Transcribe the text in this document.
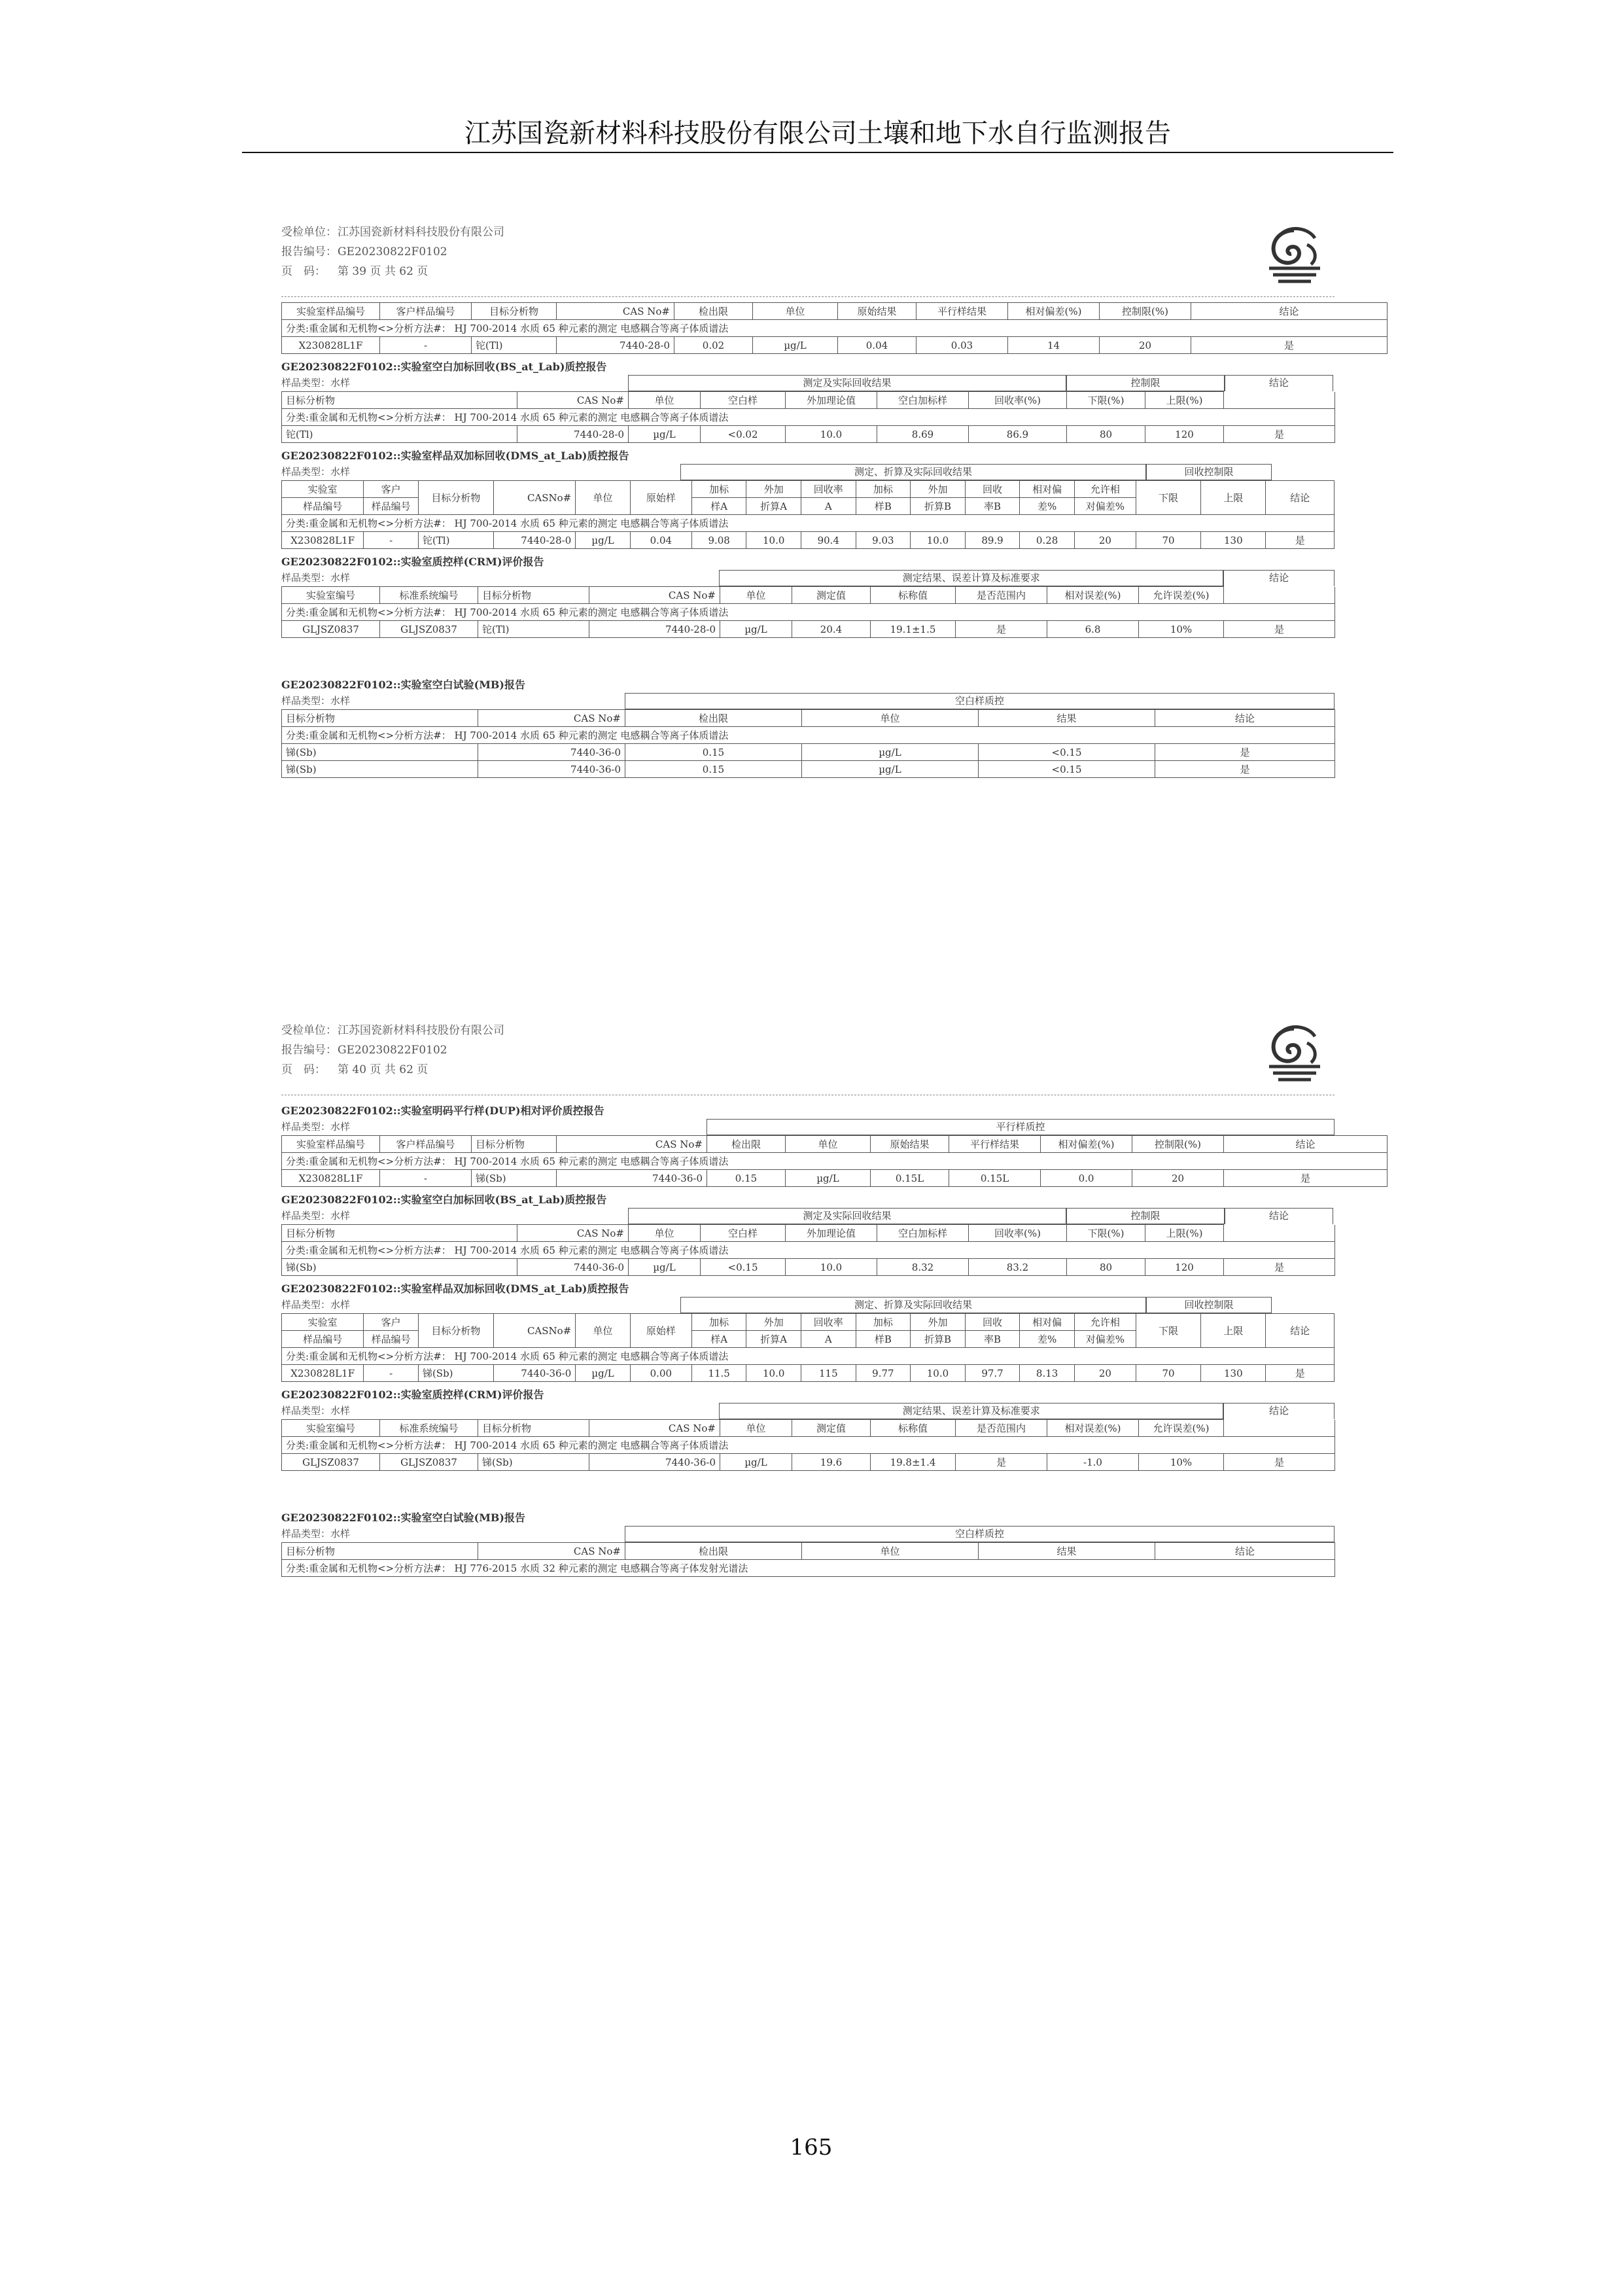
江苏国瓷新材料科技股份有限公司土壤和地下水自行监测报告
受检单位：江苏国瓷新材料科技股份有限公司
报告编号：GE20230822F0102
页　码： 第 39 页 共 62 页
实验室样品编号	客户样品编号	目标分析物	CAS No#	检出限	单位	原始结果	平行样结果	相对偏差(%)	控制限(%)	结论
分类:重金属和无机物<>分析方法#： HJ 700-2014 水质 65 种元素的测定 电感耦合等离子体质谱法										
X230828L1F	-	铊(Tl)	7440-28-0	0.02	µg/L	0.04	0.03	14	20	是
GE20230822F0102::实验室空白加标回收(BS_at_Lab)质控报告
样品类型：水样	测定及实际回收结果	控制限	结论
目标分析物	CAS No#	单位	空白样	外加理论值	空白加标样	回收率(%)	下限(%)	上限(%)	
分类:重金属和无机物<>分析方法#： HJ 700-2014 水质 65 种元素的测定 电感耦合等离子体质谱法									
铊(Tl)	7440-28-0	µg/L	<0.02	10.0	8.69	86.9	80	120	是
GE20230822F0102::实验室样品双加标回收(DMS_at_Lab)质控报告
样品类型：水样	测定、折算及实际回收结果	回收控制限
实验室	客户	目标分析物	CASNo#	单位	原始样	加标	外加	回收率	加标	外加	回收	相对偏	允许相	下限	上限	结论
样品编号	样品编号					样A	折算A	A	样B	折算B	率B	差%	对偏差%			
分类:重金属和无机物<>分析方法#： HJ 700-2014 水质 65 种元素的测定 电感耦合等离子体质谱法																
X230828L1F	-	铊(Tl)	7440-28-0	µg/L	0.04	9.08	10.0	90.4	9.03	10.0	89.9	0.28	20	70	130	是
GE20230822F0102::实验室质控样(CRM)评价报告
样品类型：水样	测定结果、误差计算及标准要求	结论
实验室编号	标准系统编号	目标分析物	CAS No#	单位	测定值	标称值	是否范围内	相对误差(%)	允许误差(%)	
分类:重金属和无机物<>分析方法#： HJ 700-2014 水质 65 种元素的测定 电感耦合等离子体质谱法										
GLJSZ0837	GLJSZ0837	铊(Tl)	7440-28-0	µg/L	20.4	19.1±1.5	是	6.8	10%	是
GE20230822F0102::实验室空白试验(MB)报告
样品类型：水样	空白样质控
目标分析物	CAS No#	检出限	单位	结果	结论
分类:重金属和无机物<>分析方法#： HJ 700-2014 水质 65 种元素的测定 电感耦合等离子体质谱法					
锑(Sb)	7440-36-0	0.15	µg/L	<0.15	是
锑(Sb)	7440-36-0	0.15	µg/L	<0.15	是
受检单位：江苏国瓷新材料科技股份有限公司
报告编号：GE20230822F0102
页　码： 第 40 页 共 62 页
GE20230822F0102::实验室明码平行样(DUP)相对评价质控报告
样品类型：水样	平行样质控
实验室样品编号	客户样品编号	目标分析物	CAS No#	检出限	单位	原始结果	平行样结果	相对偏差(%)	控制限(%)	结论
分类:重金属和无机物<>分析方法#： HJ 700-2014 水质 65 种元素的测定 电感耦合等离子体质谱法										
X230828L1F	-	锑(Sb)	7440-36-0	0.15	µg/L	0.15L	0.15L	0.0	20	是
GE20230822F0102::实验室空白加标回收(BS_at_Lab)质控报告
样品类型：水样	测定及实际回收结果	控制限	结论
目标分析物	CAS No#	单位	空白样	外加理论值	空白加标样	回收率(%)	下限(%)	上限(%)	
分类:重金属和无机物<>分析方法#： HJ 700-2014 水质 65 种元素的测定 电感耦合等离子体质谱法									
锑(Sb)	7440-36-0	µg/L	<0.15	10.0	8.32	83.2	80	120	是
GE20230822F0102::实验室样品双加标回收(DMS_at_Lab)质控报告
样品类型：水样	测定、折算及实际回收结果	回收控制限
实验室	客户	目标分析物	CASNo#	单位	原始样	加标	外加	回收率	加标	外加	回收	相对偏	允许相	下限	上限	结论
样品编号	样品编号					样A	折算A	A	样B	折算B	率B	差%	对偏差%			
分类:重金属和无机物<>分析方法#： HJ 700-2014 水质 65 种元素的测定 电感耦合等离子体质谱法																
X230828L1F	-	锑(Sb)	7440-36-0	µg/L	0.00	11.5	10.0	115	9.77	10.0	97.7	8.13	20	70	130	是
GE20230822F0102::实验室质控样(CRM)评价报告
样品类型：水样	测定结果、误差计算及标准要求	结论
实验室编号	标准系统编号	目标分析物	CAS No#	单位	测定值	标称值	是否范围内	相对误差(%)	允许误差(%)	
分类:重金属和无机物<>分析方法#： HJ 700-2014 水质 65 种元素的测定 电感耦合等离子体质谱法										
GLJSZ0837	GLJSZ0837	锑(Sb)	7440-36-0	µg/L	19.6	19.8±1.4	是	-1.0	10%	是
GE20230822F0102::实验室空白试验(MB)报告
样品类型：水样	空白样质控
目标分析物	CAS No#	检出限	单位	结果	结论
分类:重金属和无机物<>分析方法#： HJ 776-2015 水质 32 种元素的测定 电感耦合等离子体发射光谱法
165
